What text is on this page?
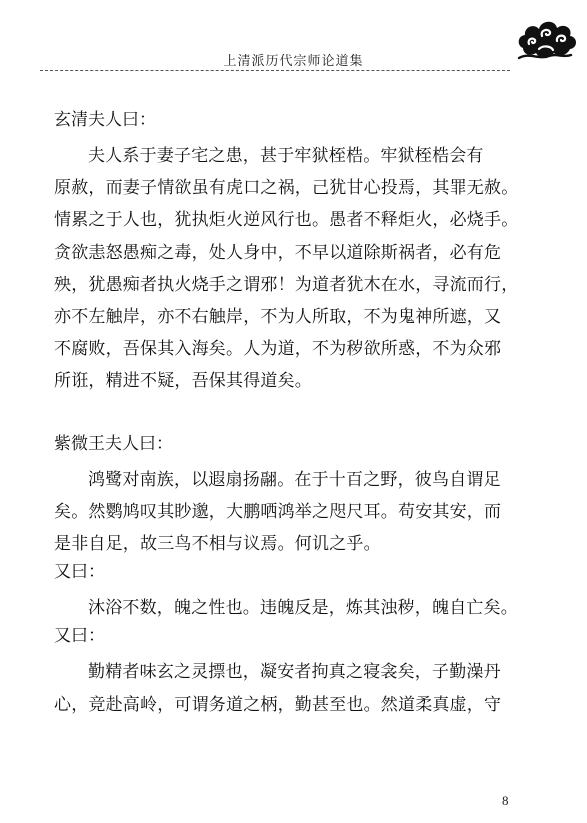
上清派历代宗师论道集
玄清夫人曰：

夫人系于妻子宅之患，甚于牢狱桎梏。牢狱桎梏会有
原赦，而妻子情欲虽有虎口之祸，己犹甘心投焉，其罪无赦。
情累之于人也，犹执炬火逆风行也。愚者不释炬火，必烧手。
贪欲恚怒愚痴之毒，处人身中，不早以道除斯祸者，必有危
殃，犹愚痴者执火烧手之谓邪！为道者犹木在水，寻流而行，
亦不左触岸，亦不右触岸，不为人所取，不为鬼神所遮，又
不腐败，吾保其入海矣。人为道，不为秽欲所惑，不为众邪
所诳，精进不疑，吾保其得道矣。

紫微王夫人曰：

鸿鹭对南族，以遐扇扬翮。在于十百之野，彼鸟自谓足
矣。然鹦鸠叹其眇邈，大鹏哂鸿举之咫尺耳。苟安其安，而
是非自足，故三鸟不相与议焉。何讥之乎。

又曰：

沐浴不数，魄之性也。违魄反是，炼其浊秽，魄自亡矣。

又曰：

勤精者味玄之灵摽也，凝安者拘真之寝衾矣，子勤澡丹
心，竞赴高岭，可谓务道之柄，勤甚至也。然道柔真虚，守

8
